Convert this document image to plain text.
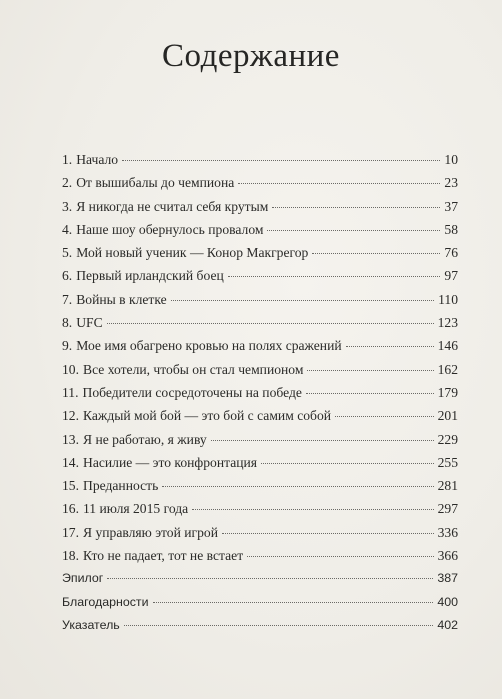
Содержание
1. Начало	10
2. От вышибалы до чемпиона	23
3. Я никогда не считал себя крутым	37
4. Наше шоу обернулось провалом	58
5. Мой новый ученик — Конор Макгрегор	76
6. Первый ирландский боец	97
7. Войны в клетке	110
8. UFC	123
9. Мое имя обагрено кровью на полях сражений	146
10. Все хотели, чтобы он стал чемпионом	162
11. Победители сосредоточены на победе	179
12. Каждый мой бой — это бой с самим собой	201
13. Я не работаю, я живу	229
14. Насилие — это конфронтация	255
15. Преданность	281
16. 11 июля 2015 года	297
17. Я управляю этой игрой	336
18. Кто не падает, тот не встает	366
Эпилог	387
Благодарности	400
Указатель	402
